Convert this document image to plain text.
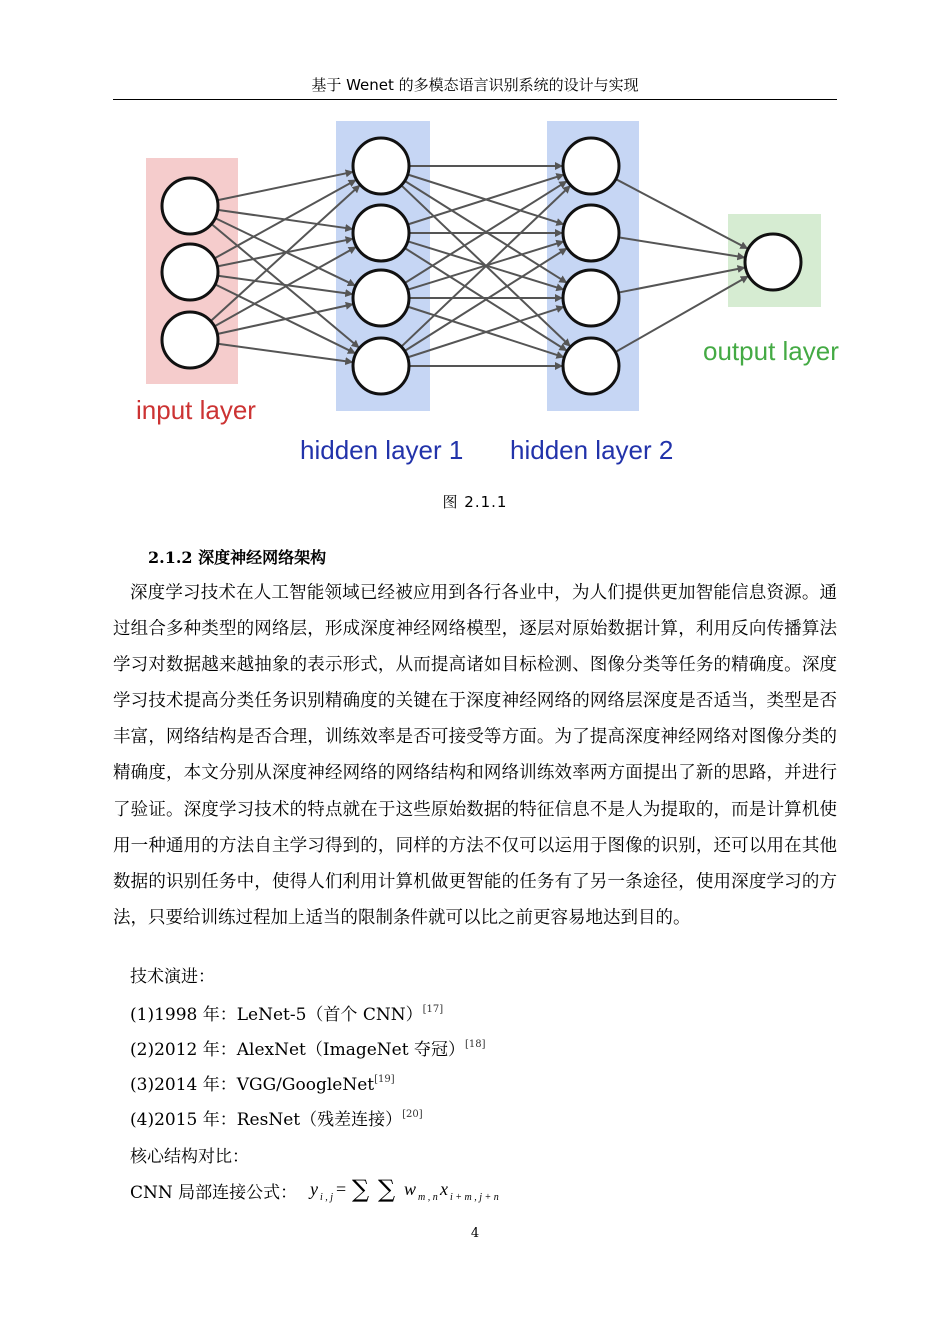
基于 Wenet 的多模态语言识别系统的设计与实现
input layer
hidden layer 1 hidden layer 2
output layer
图 2.1.1
2.1.2 深度神经网络架构

深度学习技术在人工智能领域已经被应用到各行各业中，为人们提供更加智能信息资源。通过组合多种类型的网络层，形成深度神经网络模型，逐层对原始数据计算，利用反向传播算法学习对数据越来越抽象的表示形式，从而提高诸如目标检测、图像分类等任务的精确度。深度学习技术提高分类任务识别精确度的关键在于深度神经网络的网络层深度是否适当，类型是否丰富，网络结构是否合理，训练效率是否可接受等方面。为了提高深度神经网络对图像分类的精确度，本文分别从深度神经网络的网络结构和网络训练效率两方面提出了新的思路，并进行了验证。深度学习技术的特点就在于这些原始数据的特征信息不是人为提取的，而是计算机使用一种通用的方法自主学习得到的，同样的方法不仅可以运用于图像的识别，还可以用在其他数据的识别任务中，使得人们利用计算机做更智能的任务有了另一条途径，使用深度学习的方法，只要给训练过程加上适当的限制条件就可以比之前更容易地达到目的。

技术演进：
(1)1998 年：LeNet-5（首个 CNN）[17]
(2)2012 年：AlexNet（ImageNet 夺冠）[18]
(3)2014 年：VGG/GoogleNet[19]
(4)2015 年：ResNet（残差连接）[20]
核心结构对比：
CNN 局部连接公式： y i , j = ∑ ∑ w m , n x i + m , j + n
4
